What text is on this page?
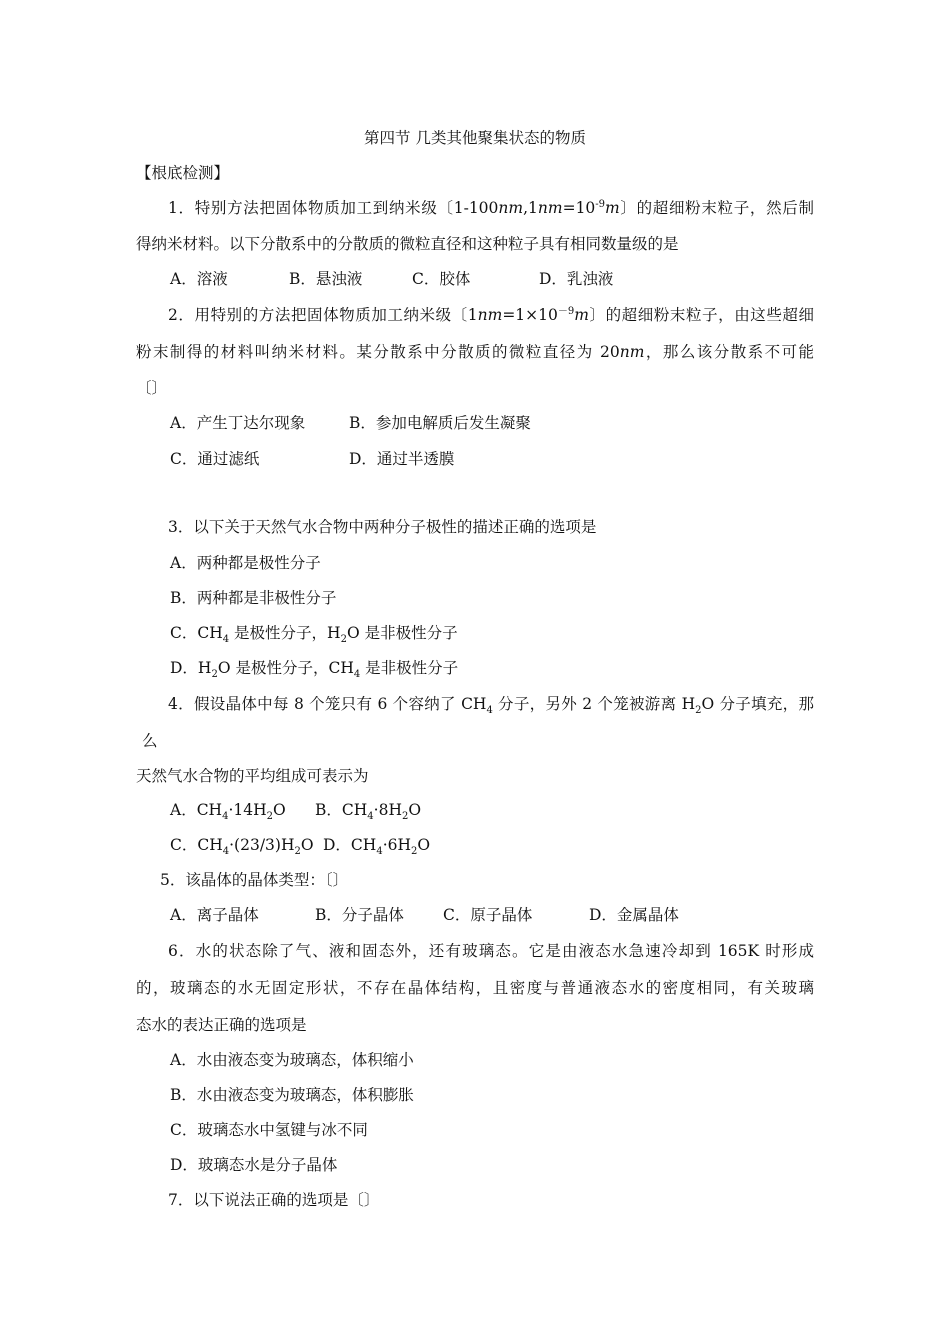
第四节 几类其他聚集状态的物质
【根底检测】
1．特别方法把固体物质加工到纳米级〔$1-100nm,1nm=10^{-9}m$〕的超细粉末粒子，然后制
得纳米材料。以下分散系中的分散质的微粒直径和这种粒子具有相同数量级的是
A．溶液	B．悬浊液	C．胶体	D．乳浊液
2．用特别的方法把固体物质加工纳米级〔$1nm=1\times 10^{-9}m$〕的超细粉末粒子，由这些超细
粉末制得的材料叫纳米材料。某分散系中分散质的微粒直径为 20nm，那么该分散系不可能
〔〕
A．产生丁达尔现象	B．参加电解质后发生凝聚
C．通过滤纸	D．通过半透膜
3．以下关于天然气水合物中两种分子极性的描述正确的选项是
A．两种都是极性分子
B．两种都是非极性分子
C．$CH_4$ 是极性分子，$H_2O$ 是非极性分子
D．$H_2O$ 是极性分子，$CH_4$ 是非极性分子
4．假设晶体中每 8 个笼只有 6 个容纳了 $CH_4$ 分子，另外 2 个笼被游离 $H_2O$ 分子填充，那
么
天然气水合物的平均组成可表示为
A．$CH_4\cdot 14H_2O$ B．$CH_4\cdot 8H_2O$
C．$CH_4\cdot(23/3)H_2O$ D．$CH_4\cdot 6H_2O$
5．该晶体的晶体类型：〔〕
A．离子晶体	B．分子晶体	C．原子晶体	D．金属晶体
6．水的状态除了气、液和固态外，还有玻璃态。它是由液态水急速冷却到 165K 时形成
的，玻璃态的水无固定形状，不存在晶体结构，且密度与普通液态水的密度相同，有关玻璃
态水的表达正确的选项是
A．水由液态变为玻璃态，体积缩小
B．水由液态变为玻璃态，体积膨胀
C．玻璃态水中氢键与冰不同
D．玻璃态水是分子晶体
7．以下说法正确的选项是〔〕
